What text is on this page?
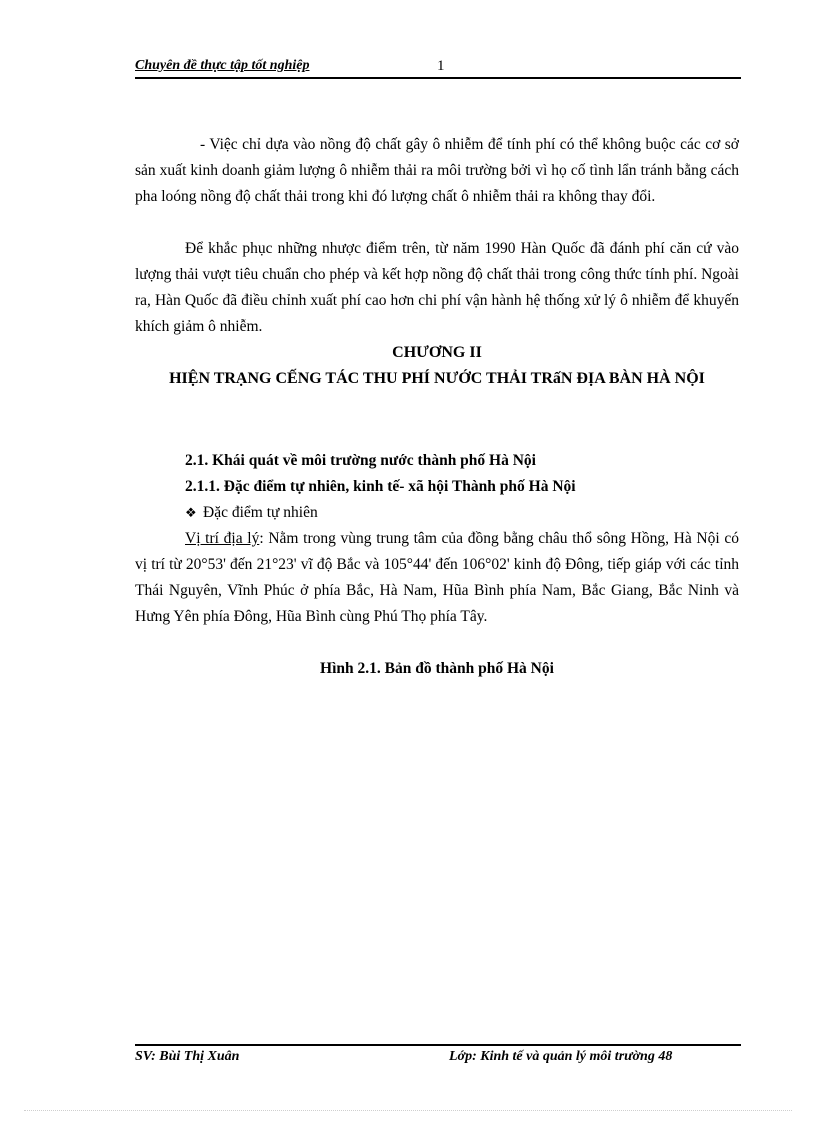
Chuyên đề thực tập tốt nghiệp	1
- Việc chỉ dựa vào nồng độ chất gây ô nhiễm để tính phí có thể không buộc các cơ sở sản xuất kinh doanh giảm lượng ô nhiễm thải ra môi trường bởi vì họ cố tình lẩn tránh bằng cách pha loóng nồng độ chất thải trong khi đó lượng chất ô nhiễm thải ra không thay đổi.
Để khắc phục những nhược điểm trên, từ năm 1990 Hàn Quốc đã đánh phí căn cứ vào lượng thải vượt tiêu chuẩn cho phép và kết hợp nồng độ chất thải trong công thức tính phí. Ngoài ra, Hàn Quốc đã điều chỉnh xuất phí cao hơn chi phí vận hành hệ thống xử lý ô nhiễm để khuyến khích giảm ô nhiễm.
CHƯƠNG II
HIỆN TRẠNG CẾNG TÁC THU PHÍ NƯỚC THẢI TRấN ĐỊA BÀN HÀ NỘI
2.1. Khái quát về môi trường nước thành phố Hà Nội
2.1.1. Đặc điểm tự nhiên, kinh tế- xã hội Thành phố Hà Nội
❖ Đặc điểm tự nhiên
Vị trí địa lý: Nằm trong vùng trung tâm của đồng bằng châu thổ sông Hồng, Hà Nội có vị trí từ 20°53' đến 21°23' vĩ độ Bắc và 105°44' đến 106°02' kinh độ Đông, tiếp giáp với các tỉnh Thái Nguyên, Vĩnh Phúc ở phía Bắc, Hà Nam, Hũa Bình phía Nam, Bắc Giang, Bắc Ninh và Hưng Yên phía Đông, Hũa Bình cùng Phú Thọ phía Tây.
Hình 2.1. Bản đồ thành phố Hà Nội
SV: Bùi Thị Xuân	Lớp: Kinh tế và quản lý môi trường 48
